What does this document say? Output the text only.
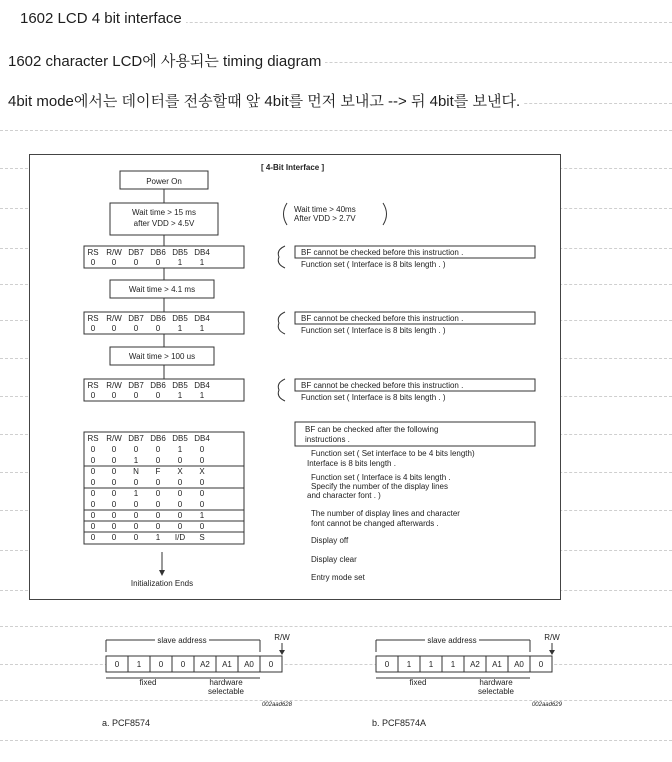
1602 LCD 4 bit interface
1602 character LCD에 사용되는 timing diagram
4bit mode에서는 데이터를 전송할때 앞 4bit를 먼저 보내고 --> 뒤 4bit를 보낸다.
[ 4-Bit Interface ]
Power On
Wait time > 15 ms
after VDD > 4.5V
Wait time > 40ms
After VDD > 2.7V
RS R/W DB7 DB6 DB5 DB4
0 0 0 0 1 1
BF cannot be checked before this instruction .
Function set ( Interface is 8 bits length . )
Wait time > 4.1 ms
RS R/W DB7 DB6 DB5 DB4
0 0 0 0 1 1
BF cannot be checked before this instruction .
Function set ( Interface is 8 bits length . )
Wait time > 100 us
RS R/W DB7 DB6 DB5 DB4
0 0 0 0 1 1
BF cannot be checked before this instruction .
Function set ( Interface is 8 bits length . )
BF can be checked after the following
instructions .
RS R/W DB7 DB6 DB5 DB4
0 0 0 0 1 0
0 0 1 0 0 0
0 0 N F X X
0 0 0 0 0 0
0 0 1 0 0 0
0 0 0 0 0 0
0 0 0 0 0 1
0 0 0 0 0 0
0 0 0 1 I/D S
Function set ( Set interface to be 4 bits length)
Interface is 8 bits length .
Function set ( Interface is 4 bits length .
Specify the number of the display lines
and character font . )
The number of display lines and character
font cannot be changed afterwards .
Display off
Display clear
Entry mode set
Initialization Ends
slave address	R/W
0 1 0 0 A2 A1 A0 0
fixed	hardware
selectable
002aad628
a. PCF8574
slave address	R/W
0 1 1 1 A2 A1 A0 0
fixed	hardware
selectable
002aad629
b. PCF8574A
